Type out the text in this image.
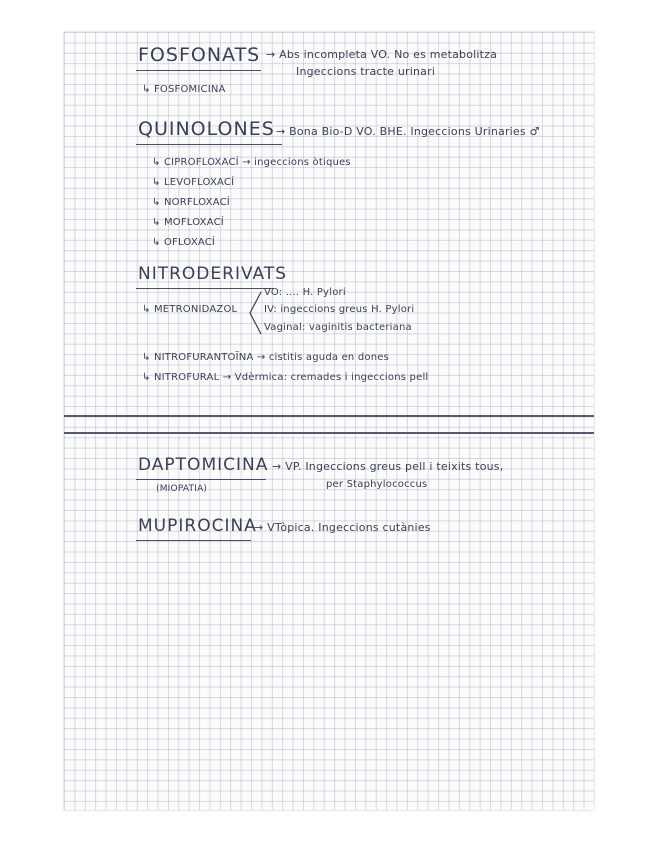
FOSFONATS → Abs incompleta VO. No es metabolitza
Ingeccions tracte urinari
↳ FOSFOMICINA
QUINOLONES → Bona Bio-D VO. BHE. Ingeccions Urinaries ♂
↳ CIPROFLOXACÍ → ingeccions òtiques
↳ LEVOFLOXACÍ
↳ NORFLOXACÍ
↳ MOFLOXACÍ
↳ OFLOXACÍ
NITRODERIVATS
↳ METRONIDAZOL
VO: .... H. Pylori
IV: ingeccions greus H. Pylori
Vaginal: vaginitis bacteriana
↳ NITROFURANTOÏNA → cistitis aguda en dones
↳ NITROFURAL → Vdèrmica: cremades i ingeccions pell
DAPTOMICINA → VP. Ingeccions greus pell i teixits tous,
per Staphylococcus
(MIOPATIA)
MUPIROCINA
→ VTòpica. Ingeccions cutànies
